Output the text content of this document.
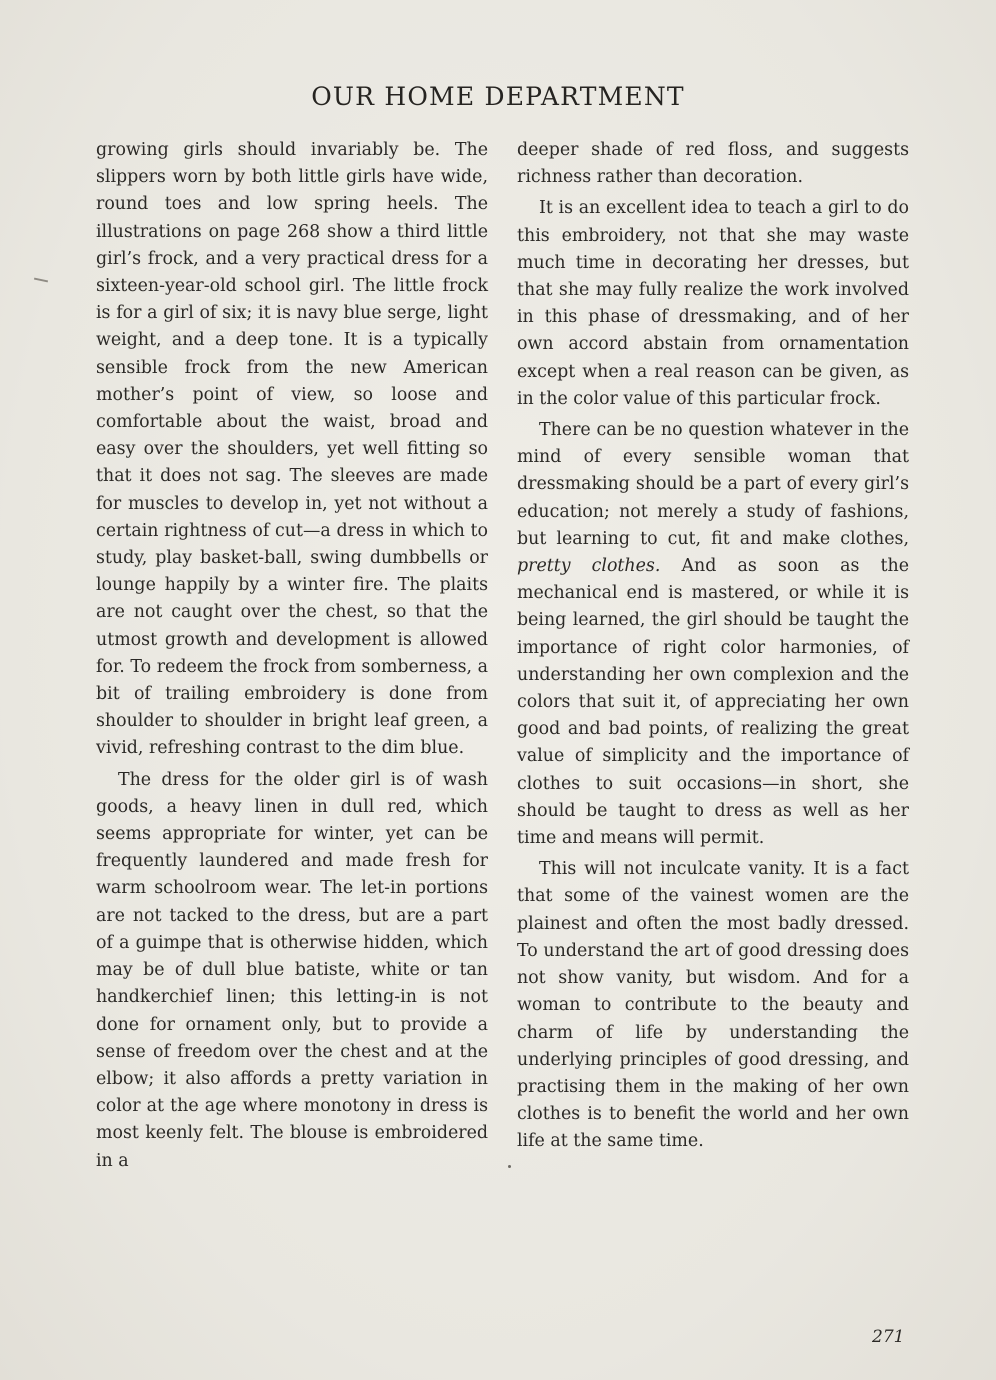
OUR HOME DEPARTMENT

growing girls should invariably be. The slippers worn by both little girls have wide, round toes and low spring heels. The illustrations on page 268 show a third little girl’s frock, and a very practical dress for a sixteen-year-old school girl. The little frock is for a girl of six; it is navy blue serge, light weight, and a deep tone. It is a typically sensible frock from the new American mother’s point of view, so loose and comfortable about the waist, broad and easy over the shoulders, yet well fitting so that it does not sag. The sleeves are made for muscles to develop in, yet not without a certain rightness of cut—a dress in which to study, play basket-ball, swing dumbbells or lounge happily by a winter fire. The plaits are not caught over the chest, so that the utmost growth and development is allowed for. To redeem the frock from somberness, a bit of trailing embroidery is done from shoulder to shoulder in bright leaf green, a vivid, refreshing contrast to the dim blue.

The dress for the older girl is of wash goods, a heavy linen in dull red, which seems appropriate for winter, yet can be frequently laundered and made fresh for warm schoolroom wear. The let-in portions are not tacked to the dress, but are a part of a guimpe that is otherwise hidden, which may be of dull blue batiste, white or tan handkerchief linen; this letting-in is not done for ornament only, but to provide a sense of freedom over the chest and at the elbow; it also affords a pretty variation in color at the age where monotony in dress is most keenly felt. The blouse is embroidered in a

deeper shade of red floss, and suggests richness rather than decoration.

It is an excellent idea to teach a girl to do this embroidery, not that she may waste much time in decorating her dresses, but that she may fully realize the work involved in this phase of dressmaking, and of her own accord abstain from ornamentation except when a real reason can be given, as in the color value of this particular frock.

There can be no question whatever in the mind of every sensible woman that dressmaking should be a part of every girl’s education; not merely a study of fashions, but learning to cut, fit and make clothes, pretty clothes. And as soon as the mechanical end is mastered, or while it is being learned, the girl should be taught the importance of right color harmonies, of understanding her own complexion and the colors that suit it, of appreciating her own good and bad points, of realizing the great value of simplicity and the importance of clothes to suit occasions—in short, she should be taught to dress as well as her time and means will permit.

This will not inculcate vanity. It is a fact that some of the vainest women are the plainest and often the most badly dressed. To understand the art of good dressing does not show vanity, but wisdom. And for a woman to contribute to the beauty and charm of life by understanding the underlying principles of good dressing, and practising them in the making of her own clothes is to benefit the world and her own life at the same time.

271
